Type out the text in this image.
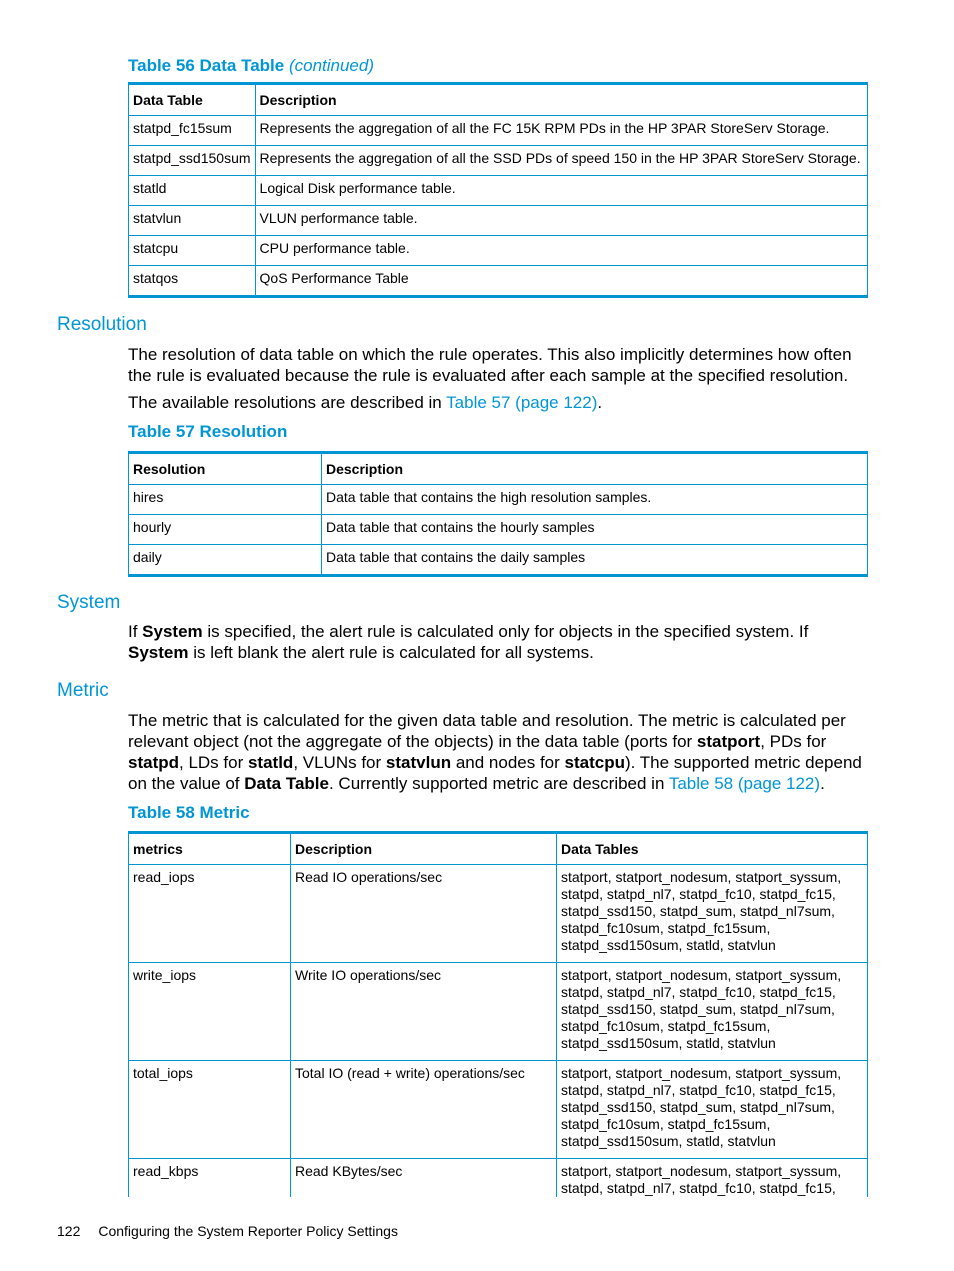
Table 56 Data Table (continued)
Data Table	Description
statpd_fc15sum	Represents the aggregation of all the FC 15K RPM PDs in the HP 3PAR StoreServ Storage.
statpd_ssd150sum	Represents the aggregation of all the SSD PDs of speed 150 in the HP 3PAR StoreServ Storage.
statld	Logical Disk performance table.
statvlun	VLUN performance table.
statcpu	CPU performance table.
statqos	QoS Performance Table
Resolution
The resolution of data table on which the rule operates. This also implicitly determines how often the rule is evaluated because the rule is evaluated after each sample at the specified resolution.
The available resolutions are described in Table 57 (page 122).
Table 57 Resolution
Resolution	Description
hires	Data table that contains the high resolution samples.
hourly	Data table that contains the hourly samples
daily	Data table that contains the daily samples
System
If System is specified, the alert rule is calculated only for objects in the specified system. If System is left blank the alert rule is calculated for all systems.
Metric
The metric that is calculated for the given data table and resolution. The metric is calculated per relevant object (not the aggregate of the objects) in the data table (ports for statport, PDs for statpd, LDs for statld, VLUNs for statvlun and nodes for statcpu). The supported metric depend on the value of Data Table. Currently supported metric are described in Table 58 (page 122).
Table 58 Metric
metrics	Description	Data Tables
read_iops	Read IO operations/sec	statport, statport_nodesum, statport_syssum,
statpd, statpd_nl7, statpd_fc10, statpd_fc15,
statpd_ssd150, statpd_sum, statpd_nl7sum,
statpd_fc10sum, statpd_fc15sum,
statpd_ssd150sum, statld, statvlun

write_iops	Write IO operations/sec	statport, statport_nodesum, statport_syssum,
statpd, statpd_nl7, statpd_fc10, statpd_fc15,
statpd_ssd150, statpd_sum, statpd_nl7sum,
statpd_fc10sum, statpd_fc15sum,
statpd_ssd150sum, statld, statvlun

total_iops	Total IO (read + write) operations/sec	statport, statport_nodesum, statport_syssum,
statpd, statpd_nl7, statpd_fc10, statpd_fc15,
statpd_ssd150, statpd_sum, statpd_nl7sum,
statpd_fc10sum, statpd_fc15sum,
statpd_ssd150sum, statld, statvlun

read_kbps	Read KBytes/sec	statport, statport_nodesum, statport_syssum,
statpd, statpd_nl7, statpd_fc10, statpd_fc15,
122 Configuring the System Reporter Policy Settings
